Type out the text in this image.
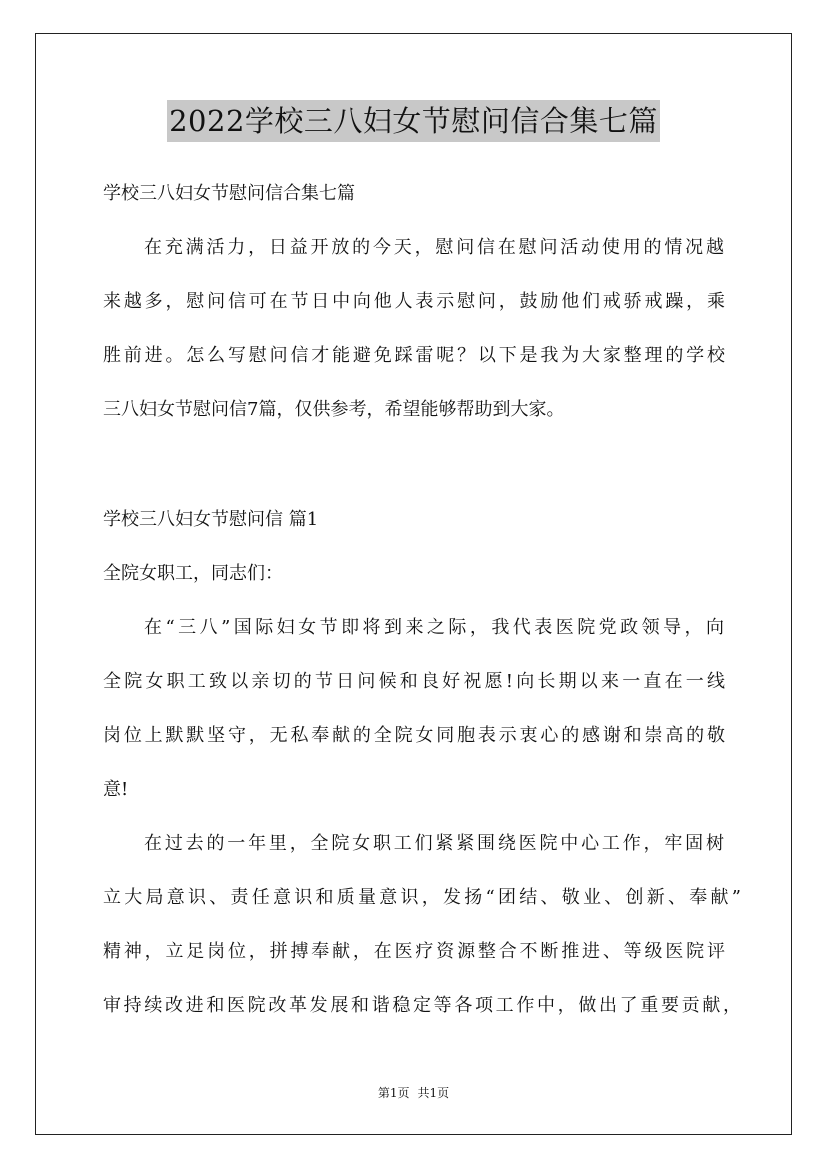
2022学校三八妇女节慰问信合集七篇
学校三八妇女节慰问信合集七篇
在充满活力，日益开放的今天，慰问信在慰问活动使用的情况越
来越多，慰问信可在节日中向他人表示慰问，鼓励他们戒骄戒躁，乘
胜前进。怎么写慰问信才能避免踩雷呢？以下是我为大家整理的学校
三八妇女节慰问信7篇，仅供参考，希望能够帮助到大家。
学校三八妇女节慰问信 篇1
全院女职工，同志们：
在“三八”国际妇女节即将到来之际，我代表医院党政领导，向
全院女职工致以亲切的节日问候和良好祝愿!向长期以来一直在一线
岗位上默默坚守，无私奉献的全院女同胞表示衷心的感谢和崇高的敬
意!
在过去的一年里，全院女职工们紧紧围绕医院中心工作，牢固树
立大局意识、责任意识和质量意识，发扬“团结、敬业、创新、奉献”
精神，立足岗位，拼搏奉献，在医疗资源整合不断推进、等级医院评
审持续改进和医院改革发展和谐稳定等各项工作中，做出了重要贡献，
第1页 共1页
